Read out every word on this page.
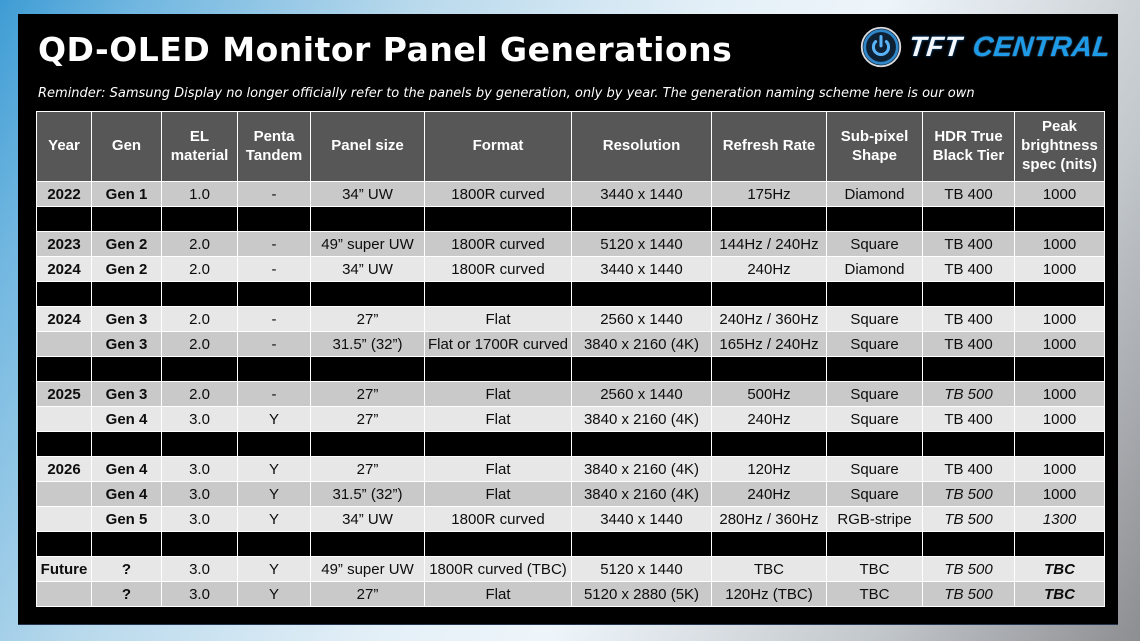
QD-OLED Monitor Panel Generations
Reminder: Samsung Display no longer officially refer to the panels by generation, only by year. The generation naming scheme here is our own
TFT CENTRAL
Year	Gen	EL material	Penta Tandem	Panel size	Format	Resolution	Refresh Rate	Sub-pixel Shape	HDR True Black Tier	Peak brightness spec (nits)
2022	Gen 1	1.0	-	34” UW	1800R curved	3440 x 1440	175Hz	Diamond	TB 400	1000

2023	Gen 2	2.0	-	49” super UW	1800R curved	5120 x 1440	144Hz / 240Hz	Square	TB 400	1000
2024	Gen 2	2.0	-	34” UW	1800R curved	3440 x 1440	240Hz	Diamond	TB 400	1000

2024	Gen 3	2.0	-	27”	Flat	2560 x 1440	240Hz / 360Hz	Square	TB 400	1000
	Gen 3	2.0	-	31.5” (32”)	Flat or 1700R curved	3840 x 2160 (4K)	165Hz / 240Hz	Square	TB 400	1000

2025	Gen 3	2.0	-	27”	Flat	2560 x 1440	500Hz	Square	TB 500	1000
	Gen 4	3.0	Y	27”	Flat	3840 x 2160 (4K)	240Hz	Square	TB 400	1000

2026	Gen 4	3.0	Y	27”	Flat	3840 x 2160 (4K)	120Hz	Square	TB 400	1000
	Gen 4	3.0	Y	31.5” (32”)	Flat	3840 x 2160 (4K)	240Hz	Square	TB 500	1000
	Gen 5	3.0	Y	34” UW	1800R curved	3440 x 1440	280Hz / 360Hz	RGB-stripe	TB 500	1300

Future	?	3.0	Y	49” super UW	1800R curved (TBC)	5120 x 1440	TBC	TBC	TB 500	TBC
	?	3.0	Y	27”	Flat	5120 x 2880 (5K)	120Hz (TBC)	TBC	TB 500	TBC
